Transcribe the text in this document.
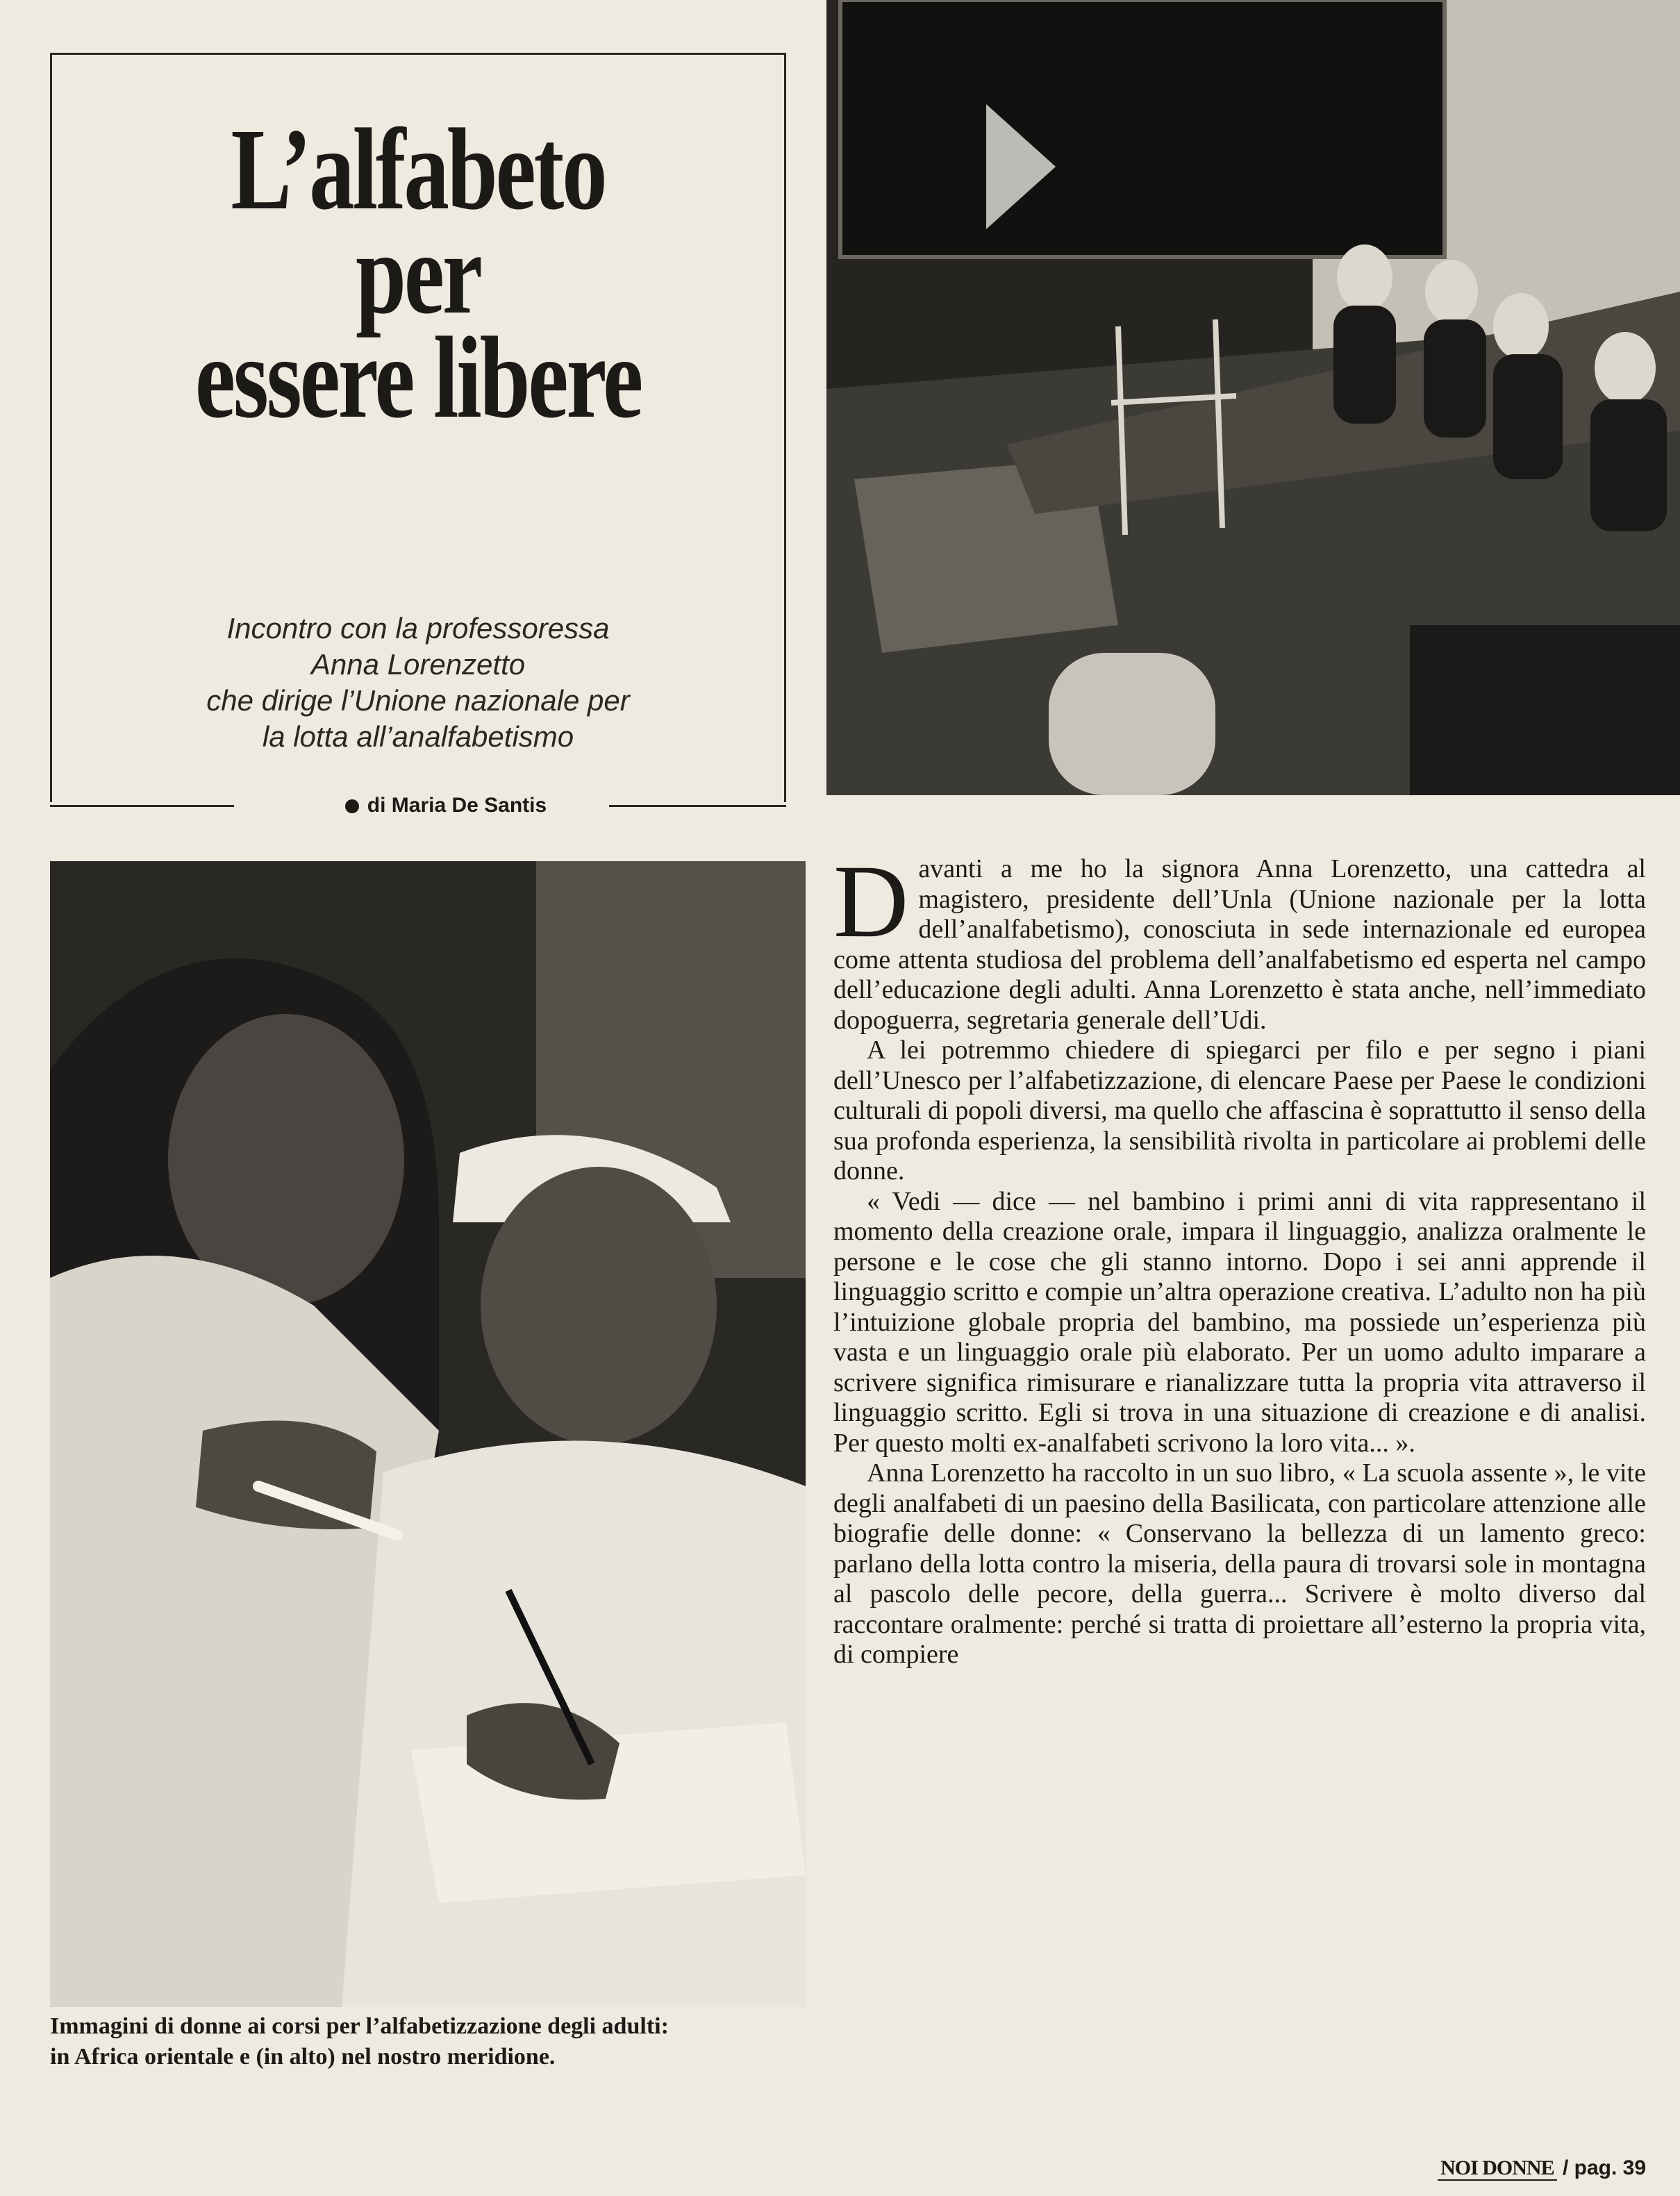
L’alfabeto
per
essere libere
Incontro con la professoressa
Anna Lorenzetto
che dirige l’Unione nazionale per
la lotta all’analfabetismo
di Maria De Santis
Immagini di donne ai corsi per l’alfabetizzazione degli adulti:
in Africa orientale e (in alto) nel nostro meridione.

Davanti a me ho la signora Anna Lorenzetto, una cattedra al magistero, presidente dell’Unla (Unione nazionale per la lotta dell’analfabetismo), conosciuta in sede internazionale ed europea come attenta studiosa del problema dell’analfabetismo ed esperta nel campo dell’educazione degli adulti. Anna Lorenzetto è stata anche, nell’immediato dopoguerra, segretaria generale dell’Udi.

A lei potremmo chiedere di spiegarci per filo e per segno i piani dell’Unesco per l’alfabetizzazione, di elencare Paese per Paese le condizioni culturali di popoli diversi, ma quello che affascina è soprattutto il senso della sua profonda esperienza, la sensibilità rivolta in particolare ai problemi delle donne.

« Vedi — dice — nel bambino i primi anni di vita rappresentano il momento della creazione orale, impara il linguaggio, analizza oralmente le persone e le cose che gli stanno intorno. Dopo i sei anni apprende il linguaggio scritto e compie un’altra operazione creativa. L’adulto non ha più l’intuizione globale propria del bambino, ma possiede un’esperienza più vasta e un linguaggio orale più elaborato. Per un uomo adulto imparare a scrivere significa rimisurare e rianalizzare tutta la propria vita attraverso il linguaggio scritto. Egli si trova in una situazione di creazione e di analisi. Per questo molti ex-analfabeti scrivono la loro vita... ».

Anna Lorenzetto ha raccolto in un suo libro, « La scuola assente », le vite degli analfabeti di un paesino della Basilicata, con particolare attenzione alle biografie delle donne: « Conservano la bellezza di un lamento greco: parlano della lotta contro la miseria, della paura di trovarsi sole in montagna al pascolo delle pecore, della guerra... Scrivere è molto diverso dal raccontare oralmente: perché si tratta di proiettare all’esterno la propria vita, di compiere

NOI DONNE / pag. 39
